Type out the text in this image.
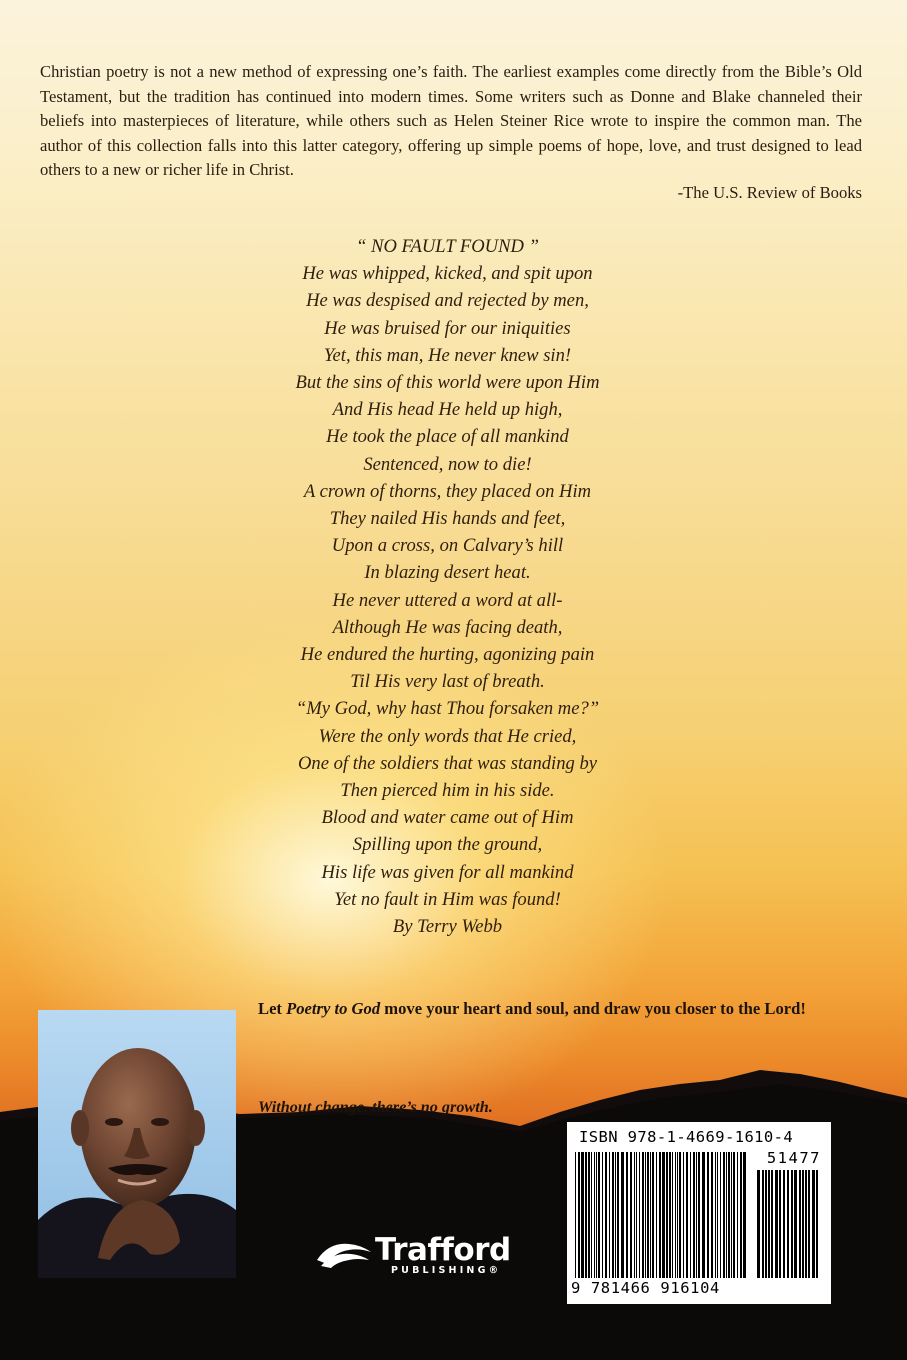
Christian poetry is not a new method of expressing one’s faith. The earliest examples come directly from the Bible’s Old Testament, but the tradition has continued into modern times. Some writers such as Donne and Blake channeled their beliefs into masterpieces of literature, while others such as Helen Steiner Rice wrote to inspire the common man. The author of this collection falls into this latter category, offering up simple poems of hope, love, and trust designed to lead others to a new or richer life in Christ.

-The U.S. Review of Books

“ NO FAULT FOUND ”
He was whipped, kicked, and spit upon
He was despised and rejected by men,
He was bruised for our iniquities
Yet, this man, He never knew sin!
But the sins of this world were upon Him
And His head He held up high,
He took the place of all mankind
Sentenced, now to die!
A crown of thorns, they placed on Him
They nailed His hands and feet,
Upon a cross, on Calvary’s hill
In blazing desert heat.
He never uttered a word at all-
Although He was facing death,
He endured the hurting, agonizing pain
Til His very last of breath.
“My God, why hast Thou forsaken me?”
Were the only words that He cried,
One of the soldiers that was standing by
Then pierced him in his side.
Blood and water came out of Him
Spilling upon the ground,
His life was given for all mankind
Yet no fault in Him was found!
By Terry Webb

Let Poetry to God move your heart and soul, and draw you closer to the Lord!

Without change, there’s no growth.

Trafford
PUBLISHING®
ISBN 978-1-4669-1610-4
51477
9 781466 916104
